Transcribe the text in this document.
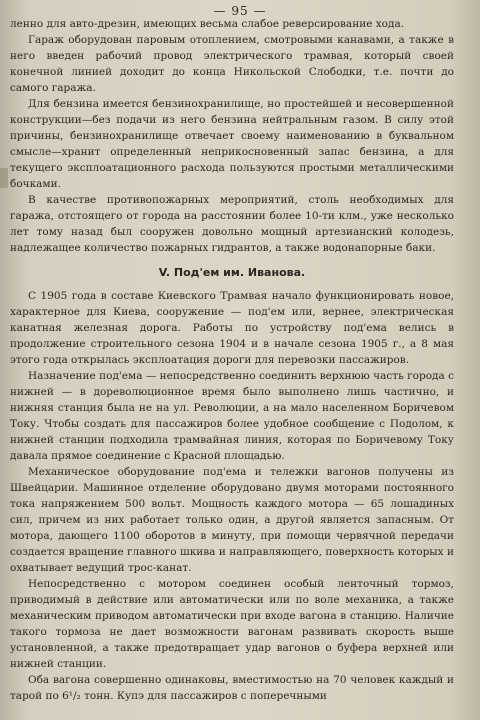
— 95 —

ленно для авто-дрезин, имеющих весьма слабое реверсирование хода.

Гараж оборудован паровым отоплением, смотровыми канавами, а также в него введен рабочий провод электрического трамвая, который своей конечной линией доходит до конца Никольской Слободки, т.е. почти до самого гаража.

Для бензина имеется бензинохранилище, но простейшей и несовершенной конструкции—без подачи из него бензина нейтральным газом. В силу этой причины, бензинохранилище отвечает своему наименованию в буквальном смысле—хранит определенный неприкосновенный запас бензина, а для текущего эксплоатационного расхода пользуются простыми металлическими бочками.

В качестве противопожарных мероприятий, столь необходимых для гаража, отстоящего от города на расстоянии более 10-ти клм., уже несколько лет тому назад был сооружен довольно мощный артезианский колодезь, надлежащее количество пожарных гидрантов, а также водонапорные баки.

V. Под'ем им. Иванова.

С 1905 года в составе Киевского Трамвая начало функционировать новое, характерное для Киева, сооружение — под'ем или, вернее, электрическая канатная железная дорога. Работы по устройству под'ема велись в продолжение строительного сезона 1904 и в начале сезона 1905 г., а 8 мая этого года открылась эксплоатация дороги для перевозки пассажиров.

Назначение под'ема — непосредственно соединить верхнюю часть города с нижней — в дореволюционное время было выполнено лишь частично, и нижняя станция была не на ул. Революции, а на мало населенном Боричевом Току. Чтобы создать для пассажиров более удобное сообщение с Подолом, к нижней станции подходила трамвайная линия, которая по Боричевому Току давала прямое соединение с Красной площадью.

Механическое оборудование под'ема и тележки вагонов получены из Швейцарии. Машинное отделение оборудовано двумя моторами постоянного тока напряжением 500 вольт. Мощность каждого мотора — 65 лошадиных сил, причем из них работает только один, а другой является запасным. От мотора, дающего 1100 оборотов в минуту, при помощи червячной передачи создается вращение главного шкива и направляющего, поверхность которых и охватывает ведущий трос-канат.

Непосредственно с мотором соединен особый ленточный тормоз, приводимый в действие или автоматически или по воле механика, а также механическим приводом автоматически при входе вагона в станцию. Наличие такого тормоза не дает возможности вагонам развивать скорость выше установленной, а также предотвращает удар вагонов о буфера верхней или нижней станции.

Оба вагона совершенно одинаковы, вместимостью на 70 человек каждый и тарой по 6¹/₂ тонн. Купэ для пассажиров с поперечными
